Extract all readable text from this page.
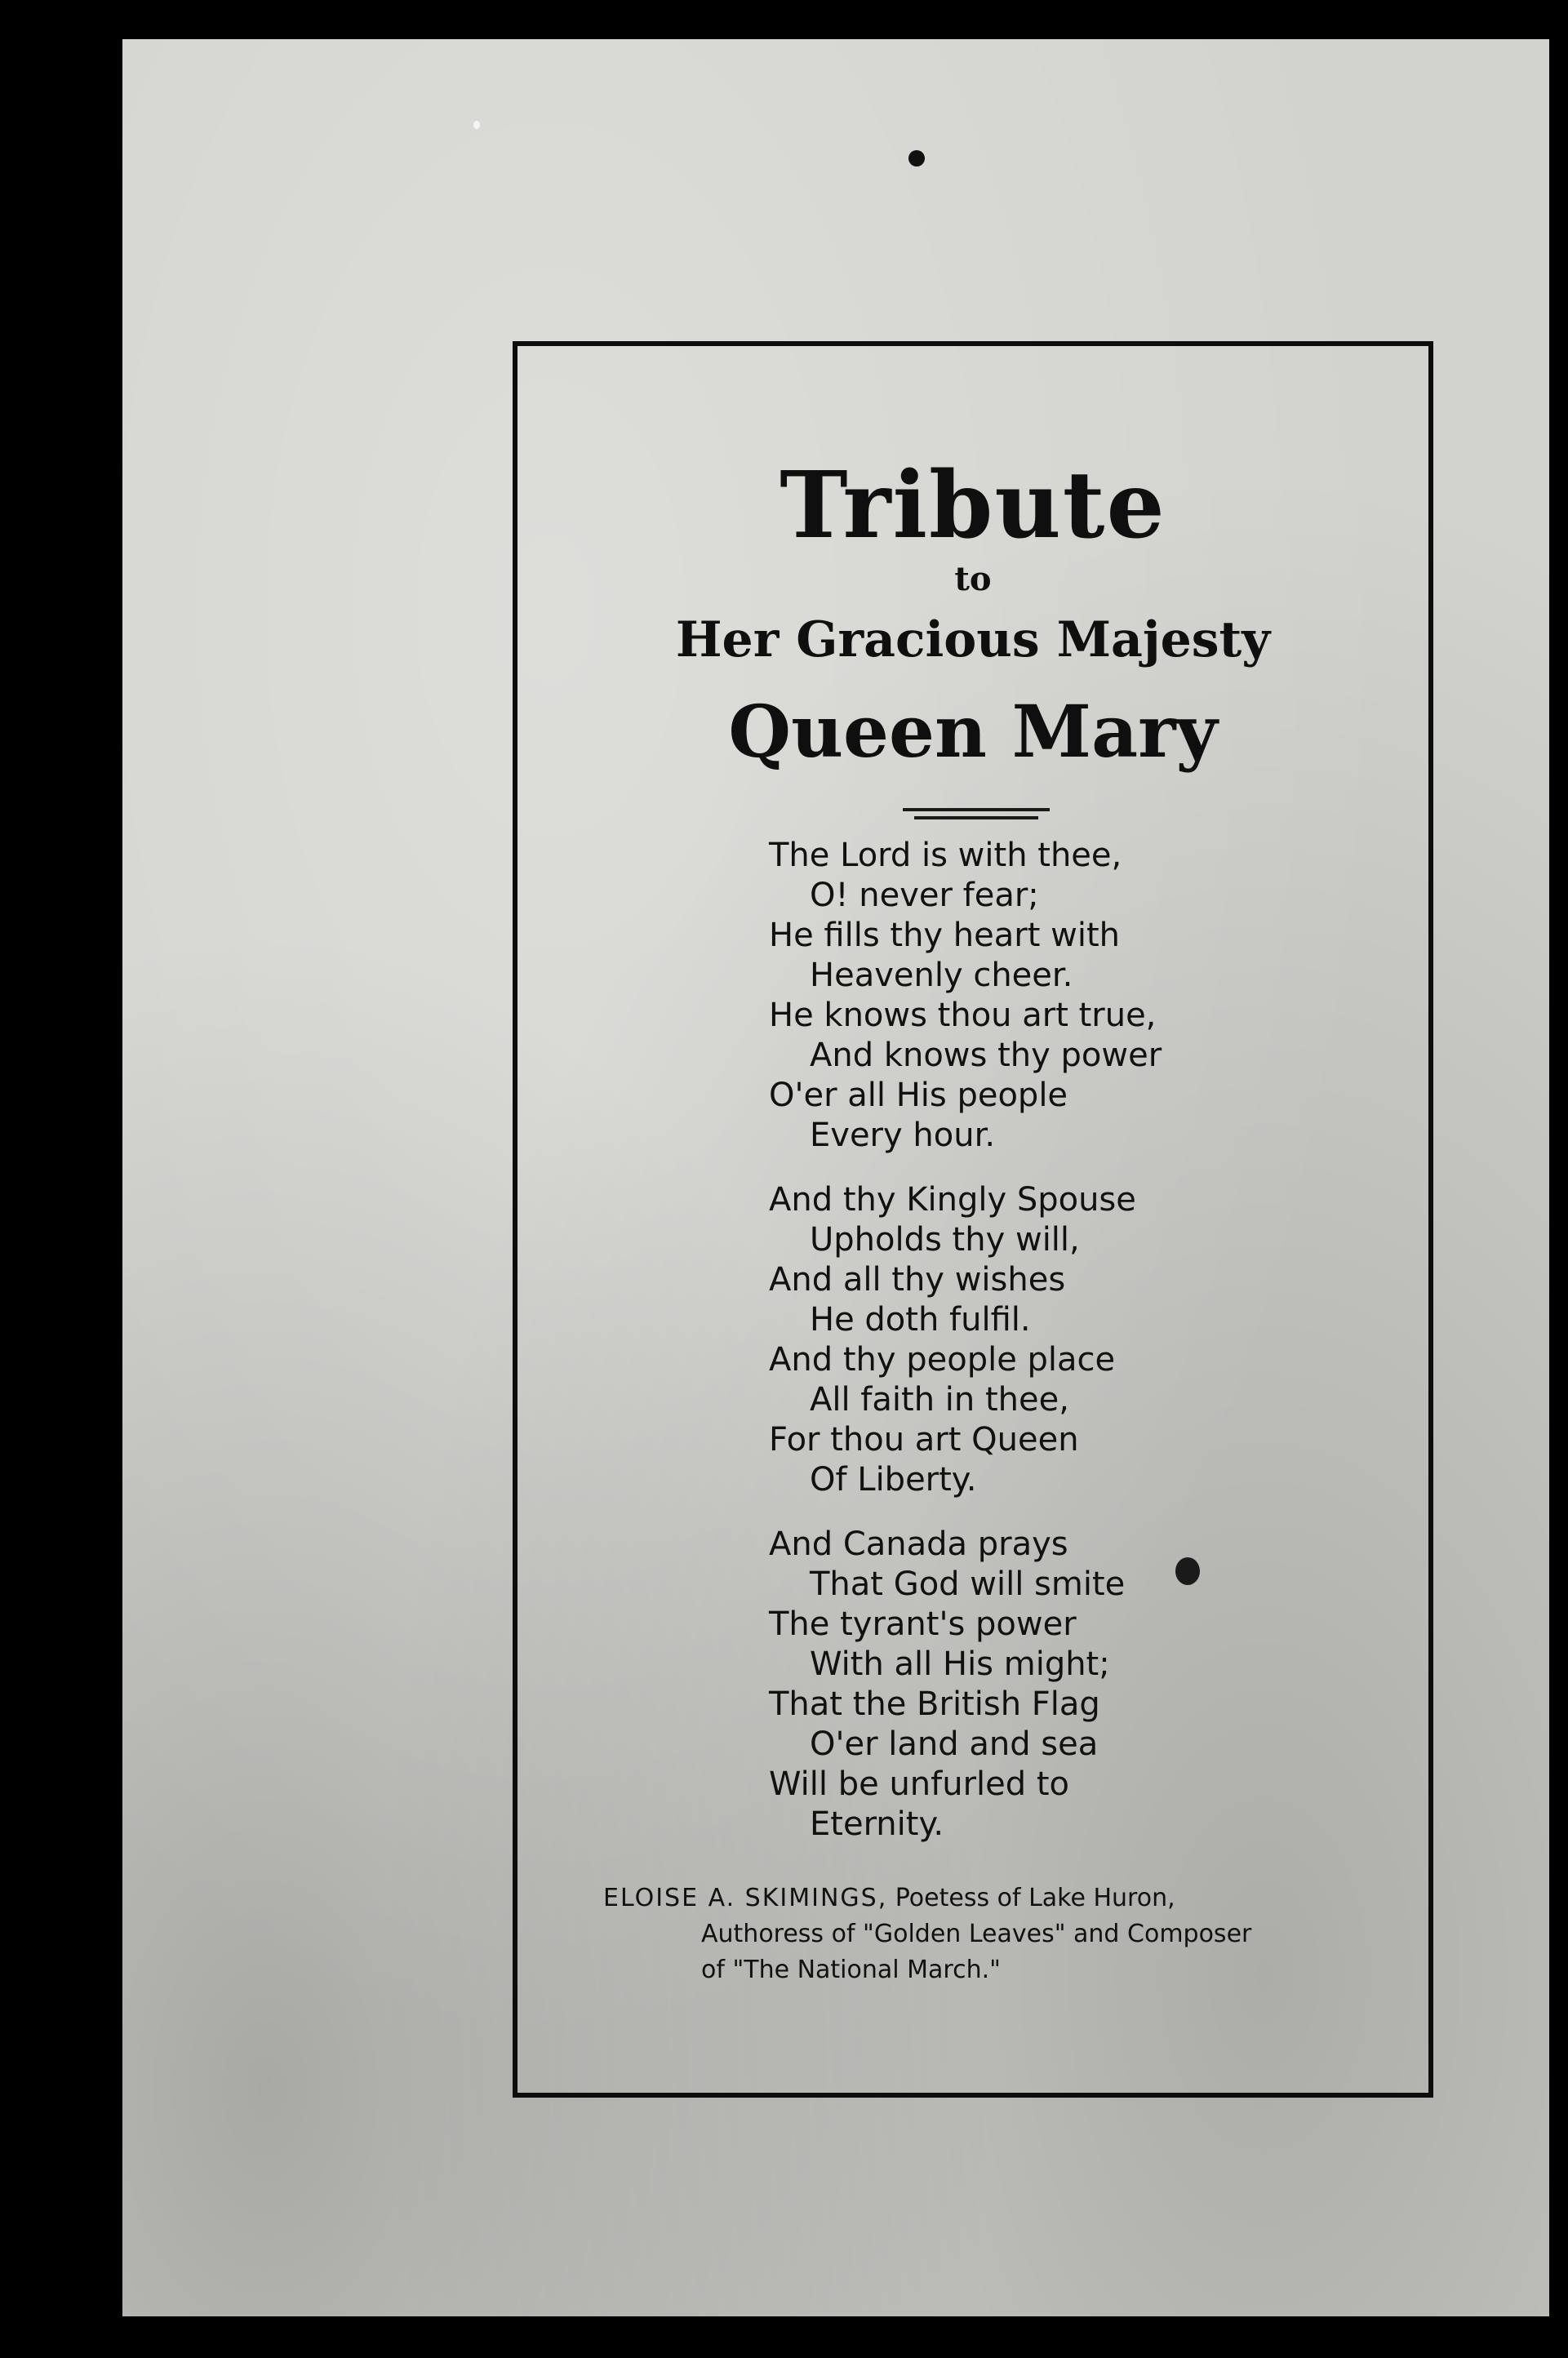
Tribute

to

Her Gracious Majesty

Queen Mary

The Lord is with thee,
O! never fear;
He fills thy heart with
Heavenly cheer.
He knows thou art true,
And knows thy power
O'er all His people
Every hour.
And thy Kingly Spouse
Upholds thy will,
And all thy wishes
He doth fulfil.
And thy people place
All faith in thee,
For thou art Queen
Of Liberty.
And Canada prays
That God will smite
The tyrant's power
With all His might;
That the British Flag
O'er land and sea
Will be unfurled to
Eternity.
ELOISE A. SKIMINGS, Poetess of Lake Huron,
Authoress of "Golden Leaves" and Composer
of "The National March."
